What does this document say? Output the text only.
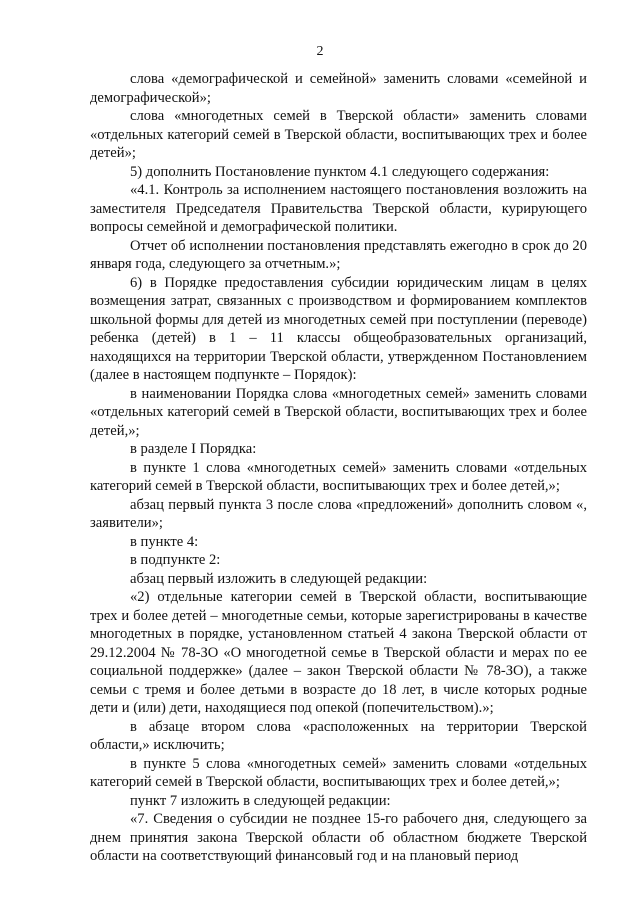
2

слова «демографической и семейной» заменить словами «семейной и демографической»;

слова «многодетных семей в Тверской области» заменить словами «отдельных категорий семей в Тверской области, воспитывающих трех и более детей»;

5) дополнить Постановление пунктом 4.1 следующего содержания:

«4.1. Контроль за исполнением настоящего постановления возложить на заместителя Председателя Правительства Тверской области, курирующего вопросы семейной и демографической политики.

Отчет об исполнении постановления представлять ежегодно в срок до 20 января года, следующего за отчетным.»;

6) в Порядке предоставления субсидии юридическим лицам в целях возмещения затрат, связанных с производством и формированием комплектов школьной формы для детей из многодетных семей при поступлении (переводе) ребенка (детей) в 1 – 11 классы общеобразовательных организаций, находящихся на территории Тверской области, утвержденном Постановлением (далее в настоящем подпункте – Порядок):

в наименовании Порядка слова «многодетных семей» заменить словами «отдельных категорий семей в Тверской области, воспитывающих трех и более детей,»;

в разделе I Порядка:

в пункте 1 слова «многодетных семей» заменить словами «отдельных категорий семей в Тверской области, воспитывающих трех и более детей,»;

абзац первый пункта 3 после слова «предложений» дополнить словом «, заявители»;

в пункте 4:

в подпункте 2:

абзац первый изложить в следующей редакции:

«2) отдельные категории семей в Тверской области, воспитывающие трех и более детей – многодетные семьи, которые зарегистрированы в качестве многодетных в порядке, установленном статьей 4 закона Тверской области от 29.12.2004 № 78-ЗО «О многодетной семье в Тверской области и мерах по ее социальной поддержке» (далее – закон Тверской области № 78-ЗО), а также семьи с тремя и более детьми в возрасте до 18 лет, в числе которых родные дети и (или) дети, находящиеся под опекой (попечительством).»;

в абзаце втором слова «расположенных на территории Тверской области,» исключить;

в пункте 5 слова «многодетных семей» заменить словами «отдельных категорий семей в Тверской области, воспитывающих трех и более детей,»;

пункт 7 изложить в следующей редакции:

«7. Сведения о субсидии не позднее 15-го рабочего дня, следующего за днем принятия закона Тверской области об областном бюджете Тверской области на соответствующий финансовый год и на плановый период
